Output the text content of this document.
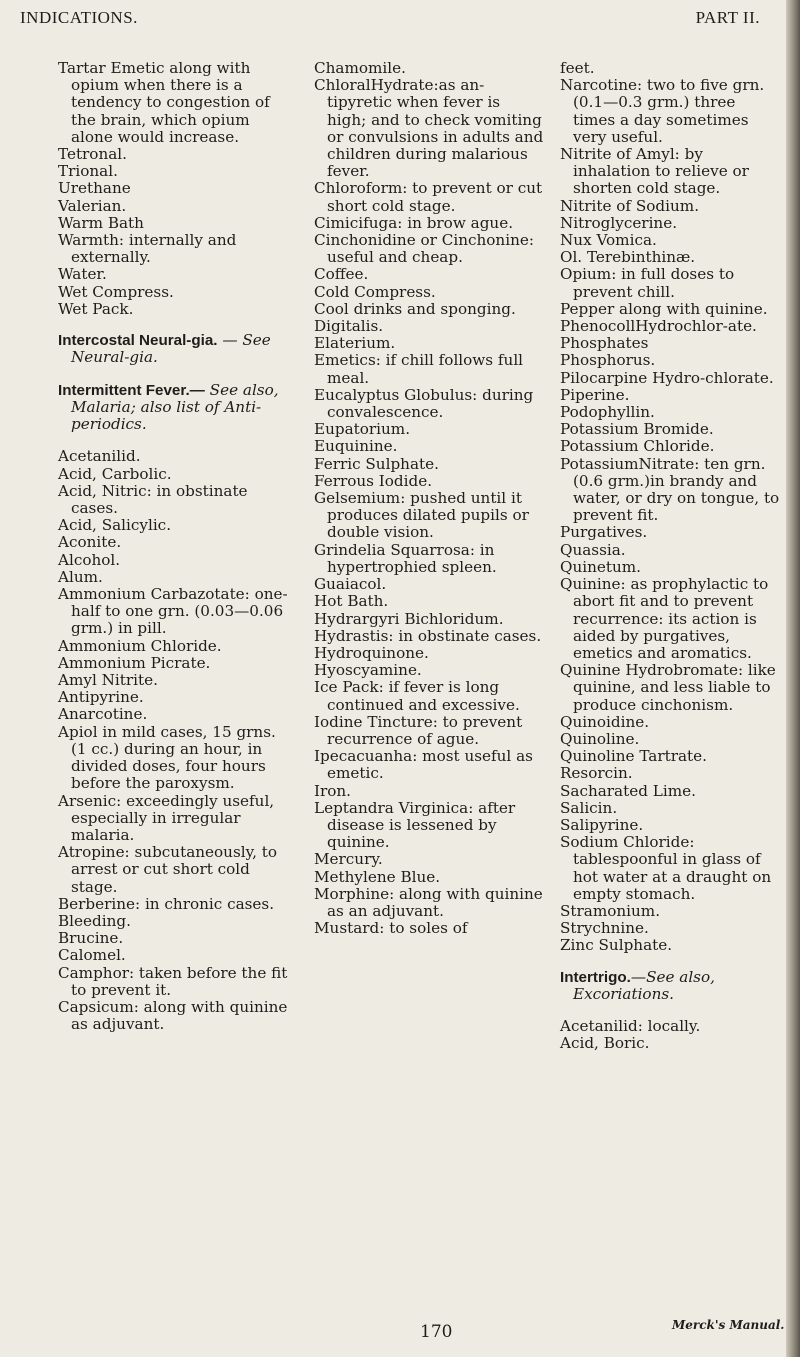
INDICATIONS.	PART II.

Tartar Emetic along with opium when there is a tendency to congestion of the brain, which opium alone would increase.

Tetronal.

Trional.

Urethane

Valerian.

Warm Bath

Warmth: internally and externally.

Water.

Wet Compress.

Wet Pack.

Intercostal Neural-gia. — See Neural-gia.

Intermittent Fever.— See also, Malaria; also list of Anti-periodics.

Acetanilid.

Acid, Carbolic.

Acid, Nitric: in obstinate cases.

Acid, Salicylic.

Aconite.

Alcohol.

Alum.

Ammonium Carbazotate: one-half to one grn. (0.03—0.06 grm.) in pill.

Ammonium Chloride.

Ammonium Picrate.

Amyl Nitrite.

Antipyrine.

Anarcotine.

Apiol in mild cases, 15 grns. (1 cc.) during an hour, in divided doses, four hours before the paroxysm.

Arsenic: exceedingly useful, especially in irregular malaria.

Atropine: subcutaneously, to arrest or cut short cold stage.

Berberine: in chronic cases.

Bleeding.

Brucine.

Calomel.

Camphor: taken before the fit to prevent it.

Capsicum: along with quinine as adjuvant.

Chamomile.

ChloralHydrate:as an-tipyretic when fever is high; and to check vomiting or convulsions in adults and children during malarious fever.

Chloroform: to prevent or cut short cold stage.

Cimicifuga: in brow ague.

Cinchonidine or Cinchonine: useful and cheap.

Coffee.

Cold Compress.

Cool drinks and sponging.

Digitalis.

Elaterium.

Emetics: if chill follows full meal.

Eucalyptus Globulus: during convalescence.

Eupatorium.

Euquinine.

Ferric Sulphate.

Ferrous Iodide.

Gelsemium: pushed until it produces dilated pupils or double vision.

Grindelia Squarrosa: in hypertrophied spleen.

Guaiacol.

Hot Bath.

Hydrargyri Bichloridum.

Hydrastis: in obstinate cases.

Hydroquinone.

Hyoscyamine.

Ice Pack: if fever is long continued and excessive.

Iodine Tincture: to prevent recurrence of ague.

Ipecacuanha: most useful as emetic.

Iron.

Leptandra Virginica: after disease is lessened by quinine.

Mercury.

Methylene Blue.

Morphine: along with quinine as an adjuvant.

Mustard: to soles of

feet.

Narcotine: two to five grn. (0.1—0.3 grm.) three times a day sometimes very useful.

Nitrite of Amyl: by inhalation to relieve or shorten cold stage.

Nitrite of Sodium.

Nitroglycerine.

Nux Vomica.

Ol. Terebinthinæ.

Opium: in full doses to prevent chill.

Pepper along with quinine.

PhenocollHydrochlor-ate.

Phosphates

Phosphorus.

Pilocarpine Hydro-chlorate.

Piperine.

Podophyllin.

Potassium Bromide.

Potassium Chloride.

PotassiumNitrate: ten grn.(0.6 grm.)in brandy and water, or dry on tongue, to prevent fit.

Purgatives.

Quassia.

Quinetum.

Quinine: as prophylactic to abort fit and to prevent recurrence: its action is aided by purgatives, emetics and aromatics.

Quinine Hydrobromate: like quinine, and less liable to produce cinchonism.

Quinoidine.

Quinoline.

Quinoline Tartrate.

Resorcin.

Sacharated Lime.

Salicin.

Salipyrine.

Sodium Chloride: tablespoonful in glass of hot water at a draught on empty stomach.

Stramonium.

Strychnine.

Zinc Sulphate.

Intertrigo.—See also, Excoriations.

Acetanilid: locally.

Acid, Boric.

170	Merck's Manual.
